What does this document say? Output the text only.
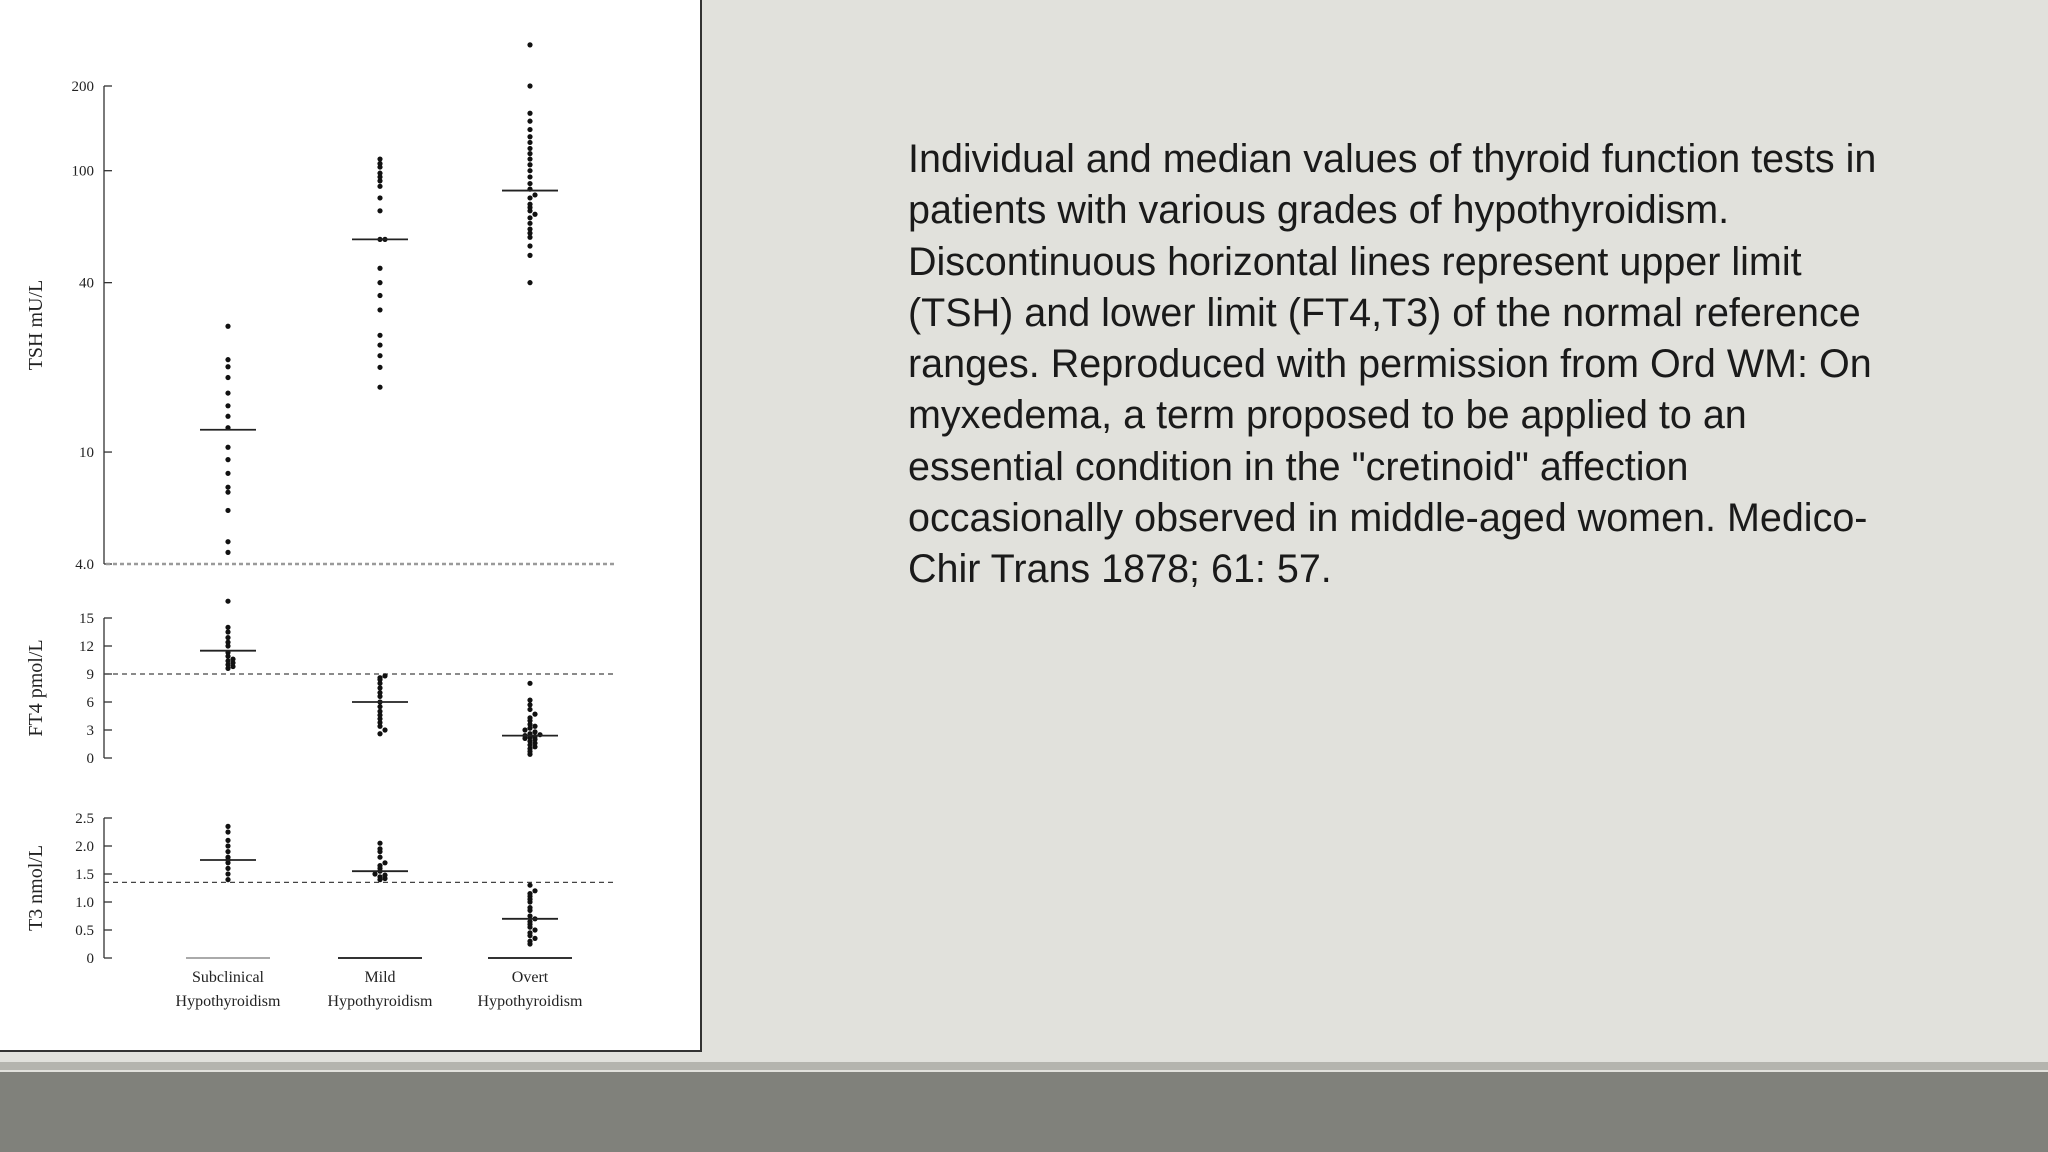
4.0
10
40
100
200
TSH mU/L
0
3
6
9
12
15
FT4 pmol/L
0
0.5
1.0
1.5
2.0
2.5
T3 nmol/L
Subclinical
Hypothyroidism
Mild
Hypothyroidism
Overt
Hypothyroidism

Individual and median values of thyroid function tests in patients with various grades of hypothyroidism.  Discontinuous horizontal lines represent upper limit (TSH) and lower limit (FT4,T3) of the normal reference ranges. Reproduced with permission from Ord WM: On myxedema, a term proposed to be applied to an essential condition in the "cretinoid" affection occasionally observed in middle-aged women. Medico-Chir Trans 1878; 61: 57.
